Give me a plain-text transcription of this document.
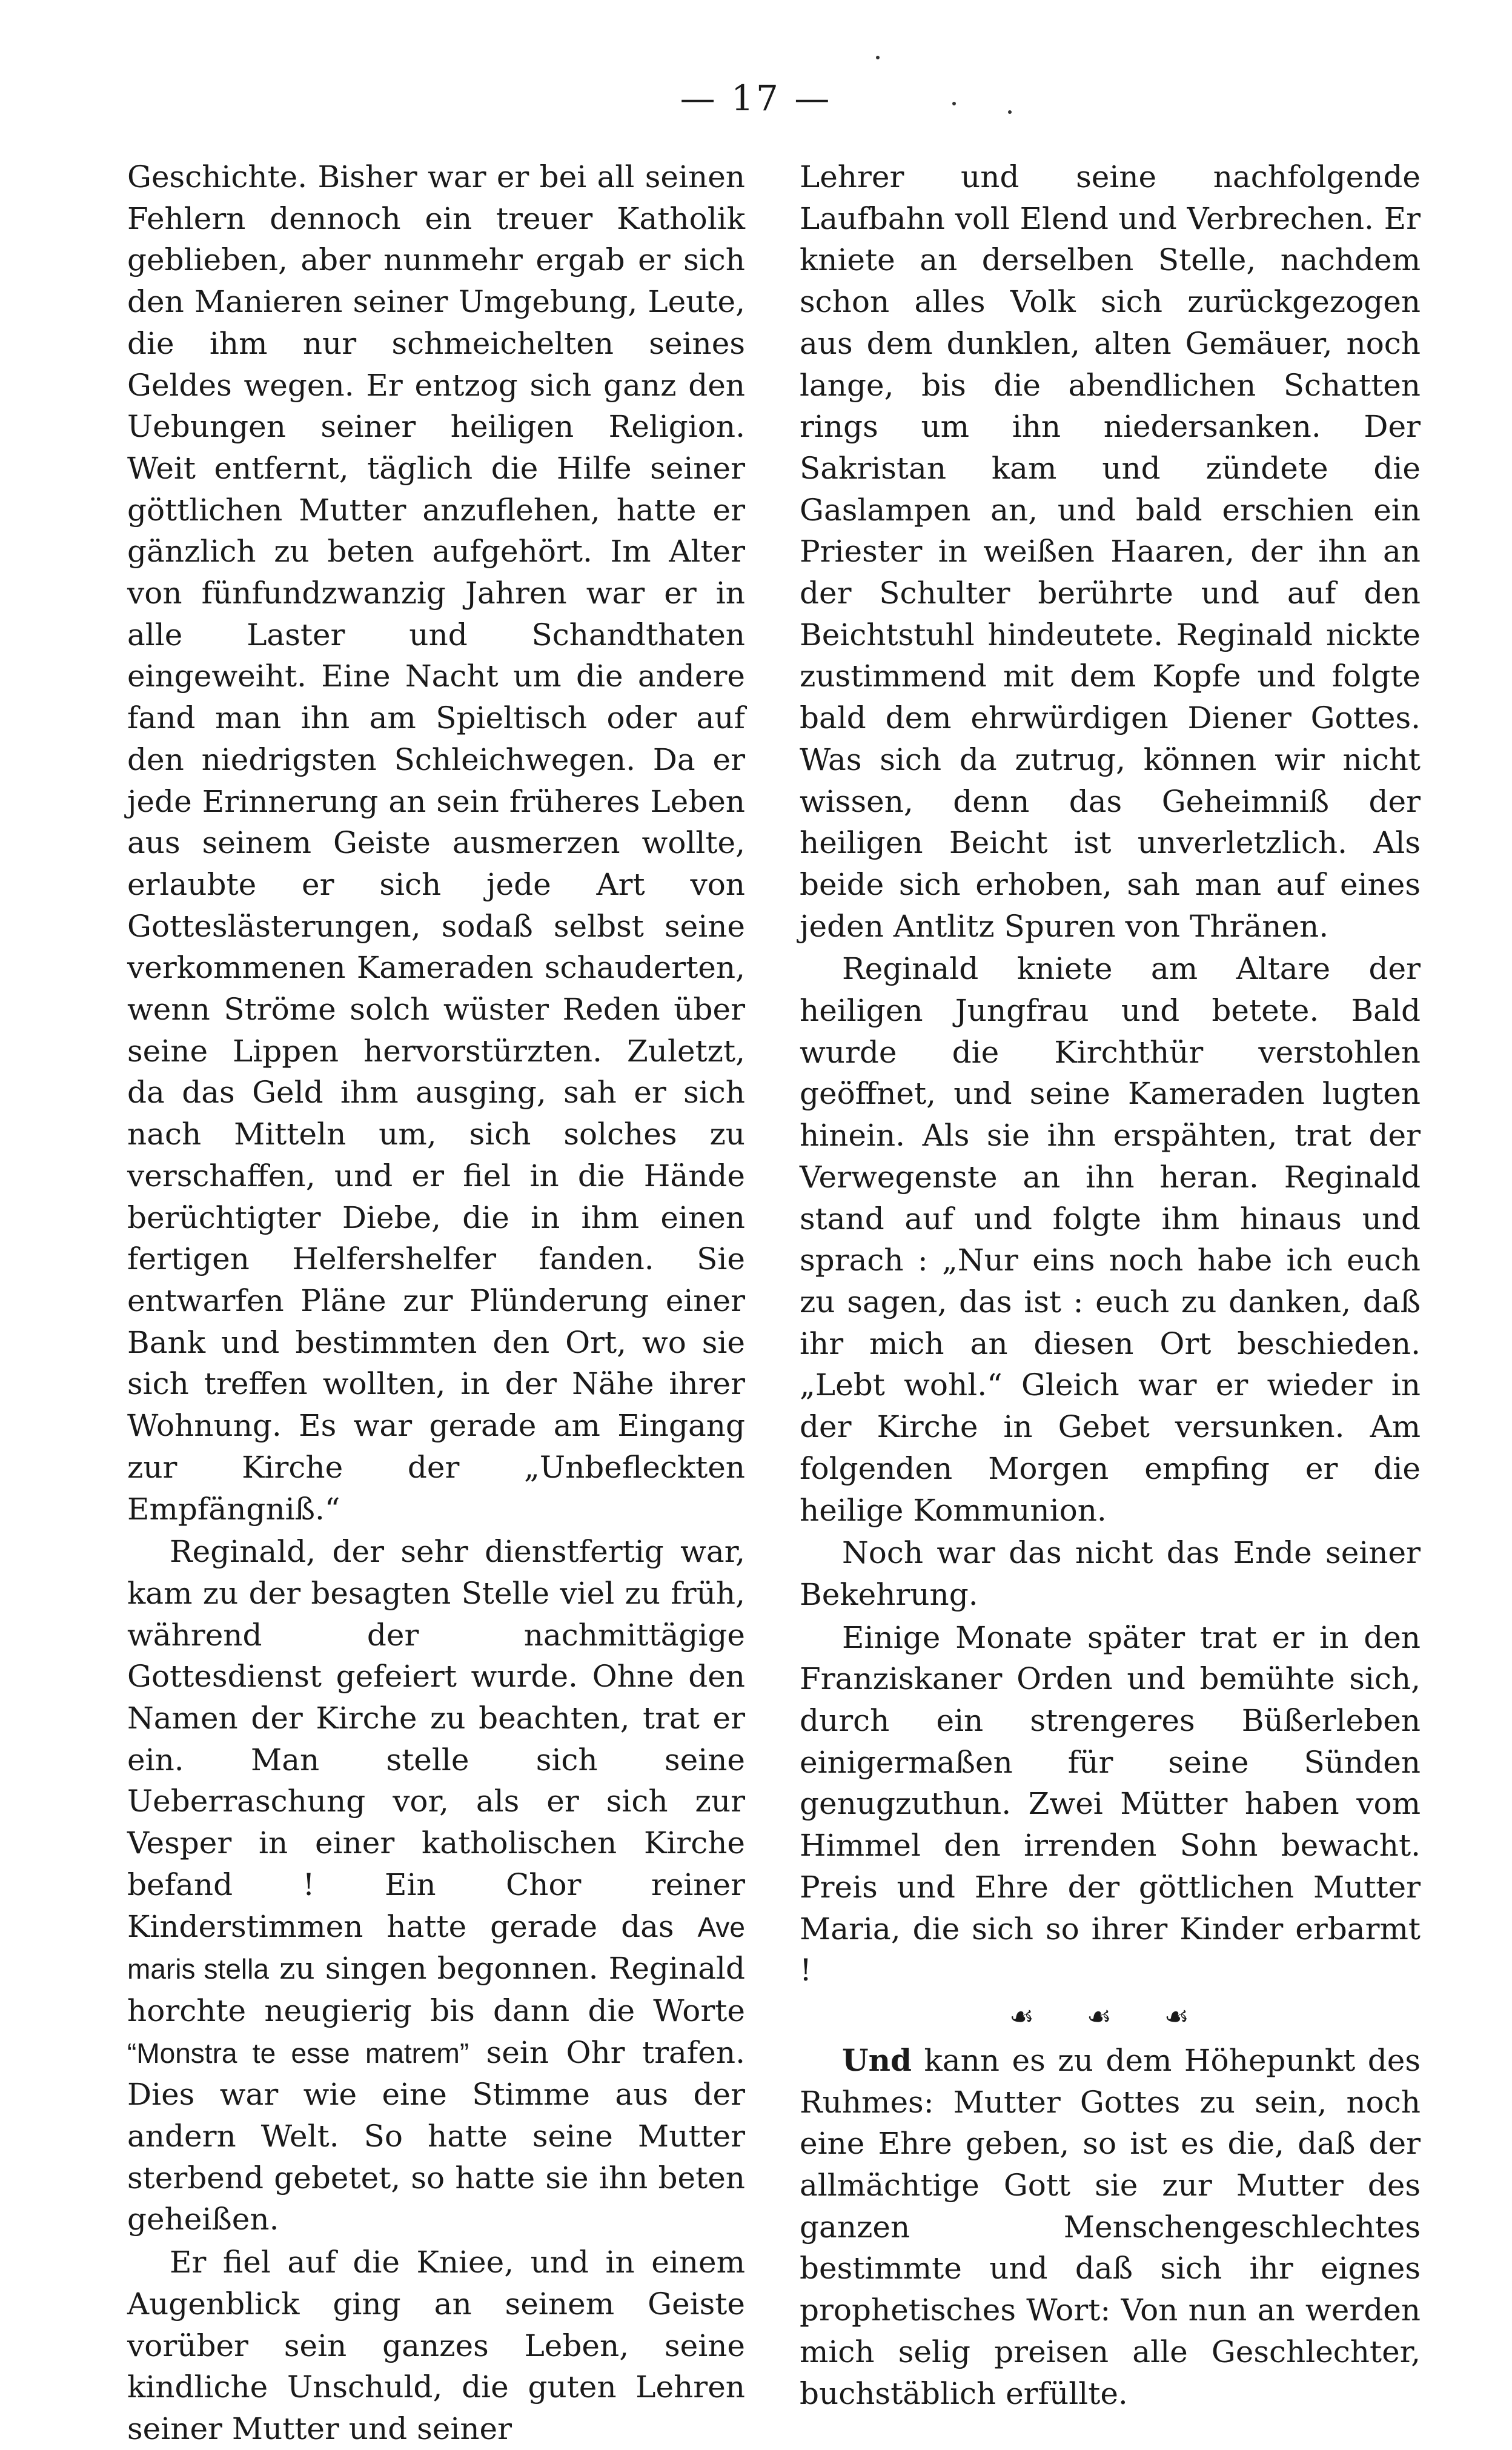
— 17 —

Geschichte. Bisher war er bei all seinen Fehlern dennoch ein treuer Katholik geblieben, aber nunmehr ergab er sich den Manieren seiner Umgebung, Leute, die ihm nur schmeichelten seines Geldes wegen. Er entzog sich ganz den Uebungen seiner heiligen Religion. Weit entfernt, täglich die Hilfe seiner göttlichen Mutter anzuflehen, hatte er gänzlich zu beten aufgehört. Im Alter von fünfundzwanzig Jahren war er in alle Laster und Schandthaten eingeweiht. Eine Nacht um die andere fand man ihn am Spieltisch oder auf den niedrigsten Schleichwegen. Da er jede Erinnerung an sein früheres Leben aus seinem Geiste ausmerzen wollte, erlaubte er sich jede Art von Gotteslästerungen, sodaß selbst seine verkommenen Kameraden schauderten, wenn Ströme solch wüster Reden über seine Lippen hervorstürzten. Zuletzt, da das Geld ihm ausging, sah er sich nach Mitteln um, sich solches zu verschaffen, und er fiel in die Hände berüchtigter Diebe, die in ihm einen fertigen Helfershelfer fanden. Sie entwarfen Pläne zur Plünderung einer Bank und bestimmten den Ort, wo sie sich treffen wollten, in der Nähe ihrer Wohnung. Es war gerade am Eingang zur Kirche der „Unbefleckten Empfängniß.“

Reginald, der sehr dienstfertig war, kam zu der besagten Stelle viel zu früh, während der nachmittägige Gottesdienst gefeiert wurde. Ohne den Namen der Kirche zu beachten, trat er ein. Man stelle sich seine Ueberraschung vor, als er sich zur Vesper in einer katholischen Kirche befand ! Ein Chor reiner Kinderstimmen hatte gerade das Ave maris stella zu singen begonnen. Reginald horchte neugierig bis dann die Worte “Monstra te esse matrem” sein Ohr trafen. Dies war wie eine Stimme aus der andern Welt. So hatte seine Mutter sterbend gebetet, so hatte sie ihn beten geheißen.

Er fiel auf die Kniee, und in einem Augenblick ging an seinem Geiste vorüber sein ganzes Leben, seine kindliche Unschuld, die guten Lehren seiner Mutter und seiner

Lehrer und seine nachfolgende Laufbahn voll Elend und Verbrechen. Er kniete an derselben Stelle, nachdem schon alles Volk sich zurückgezogen aus dem dunklen, alten Gemäuer, noch lange, bis die abendlichen Schatten rings um ihn niedersanken. Der Sakristan kam und zündete die Gaslampen an, und bald erschien ein Priester in weißen Haaren, der ihn an der Schulter berührte und auf den Beichtstuhl hindeutete. Reginald nickte zustimmend mit dem Kopfe und folgte bald dem ehrwürdigen Diener Gottes. Was sich da zutrug, können wir nicht wissen, denn das Geheimniß der heiligen Beicht ist unverletzlich. Als beide sich erhoben, sah man auf eines jeden Antlitz Spuren von Thränen.

Reginald kniete am Altare der heiligen Jungfrau und betete. Bald wurde die Kirchthür verstohlen geöffnet, und seine Kameraden lugten hinein. Als sie ihn erspähten, trat der Verwegenste an ihn heran. Reginald stand auf und folgte ihm hinaus und sprach : „Nur eins noch habe ich euch zu sagen, das ist : euch zu danken, daß ihr mich an diesen Ort beschieden. „Lebt wohl.“ Gleich war er wieder in der Kirche in Gebet versunken. Am folgenden Morgen empfing er die heilige Kommunion.

Noch war das nicht das Ende seiner Bekehrung.

Einige Monate später trat er in den Franziskaner Orden und bemühte sich, durch ein strengeres Büßerleben einigermaßen für seine Sünden genugzuthun. Zwei Mütter haben vom Himmel den irrenden Sohn bewacht. Preis und Ehre der göttlichen Mutter Maria, die sich so ihrer Kinder erbarmt !

☙ ☙ ☙

Und kann es zu dem Höhepunkt des Ruhmes: Mutter Gottes zu sein, noch eine Ehre geben, so ist es die, daß der allmächtige Gott sie zur Mutter des ganzen Menschengeschlechtes bestimmte und daß sich ihr eignes prophetisches Wort: Von nun an werden mich selig preisen alle Geschlechter, buchstäblich erfüllte.
